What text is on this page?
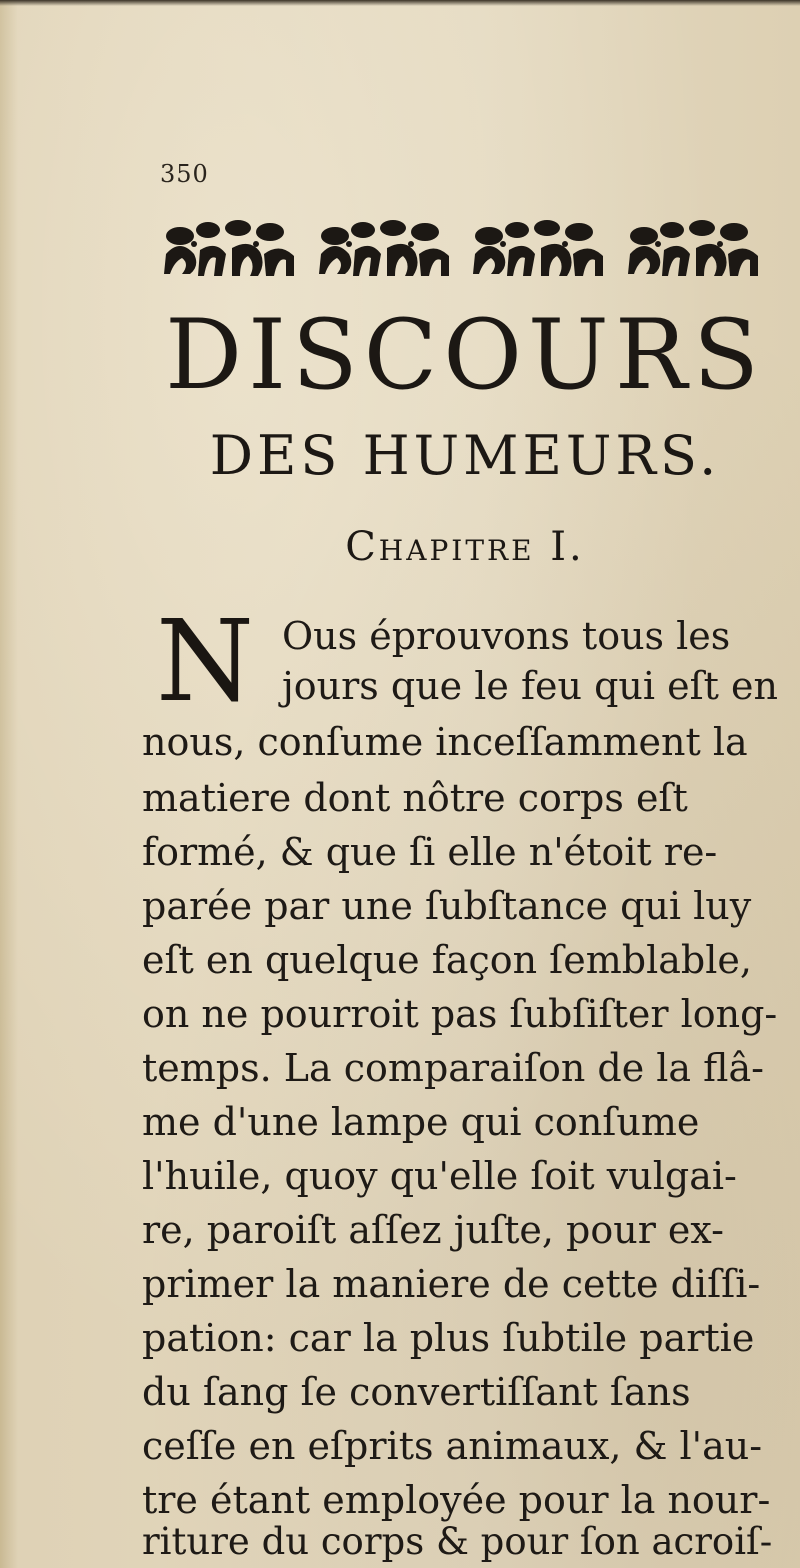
350
DISCOURS
DES HUMEURS.
Chapitre I.
N Ous éprouvons tous les
jours que le feu qui eſt en
nous, conſume inceſſamment la
matiere dont nôtre corps eſt
formé, & que ſi elle n'étoit re-
parée par une ſubſtance qui luy
eſt en quelque façon ſemblable,
on ne pourroit pas ſubſiſter long-
temps. La comparaiſon de la flâ-
me d'une lampe qui conſume
l'huile, quoy qu'elle ſoit vulgai-
re, paroiſt aſſez juſte, pour ex-
primer la maniere de cette diſſi-
pation: car la plus ſubtile partie
du ſang ſe convertiſſant ſans
ceſſe en eſprits animaux, & l'au-
tre étant employée pour la nour-
riture du corps & pour ſon acroiſ-
